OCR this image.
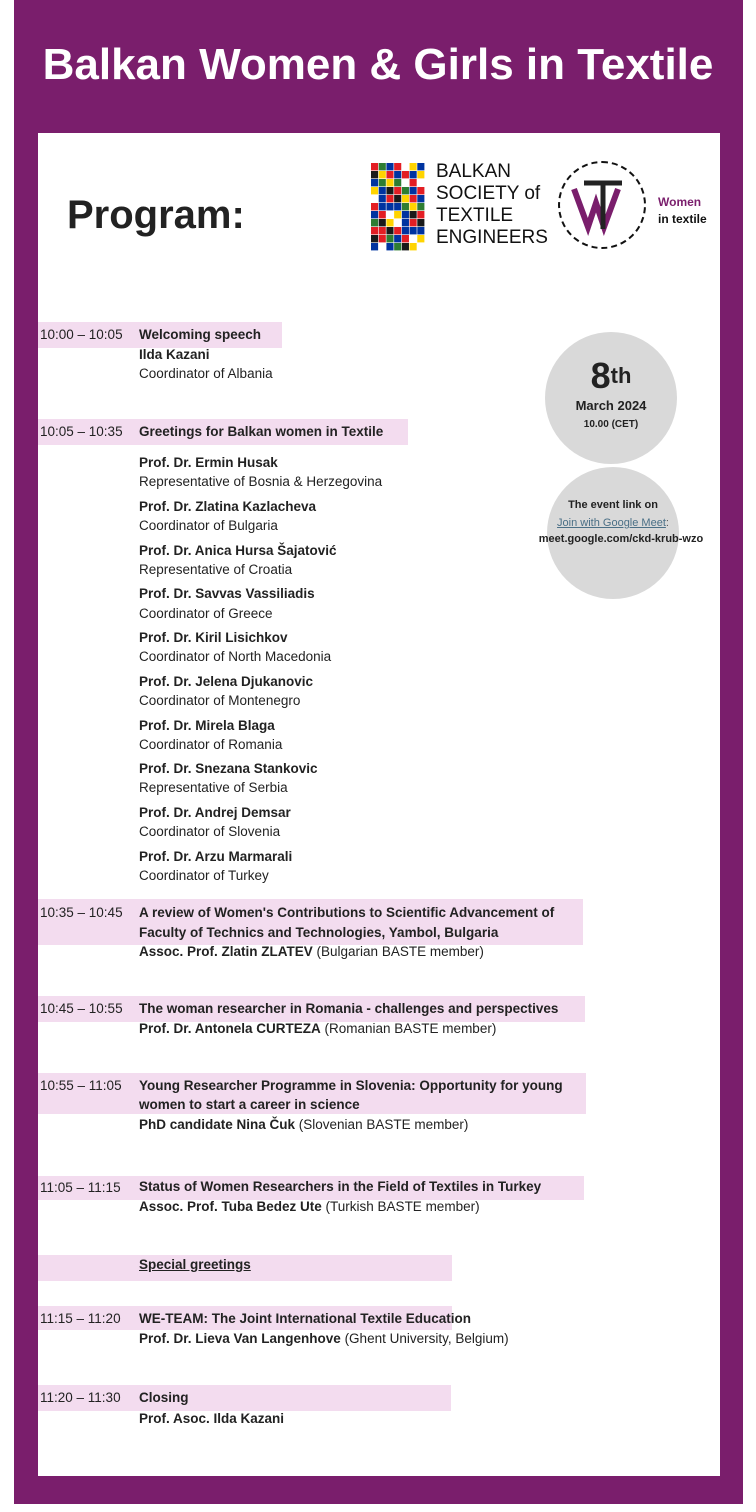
Balkan Women & Girls in Textile
Program:
BALKAN
SOCIETY of
TEXTILE
ENGINEERS
Women
in textile
8th
March 2024
10.00 (CET)
The event link on
Join with Google Meet:
meet.google.com/ckd-krub-wzo
10:00 – 10:05 Welcoming speech
Ilda Kazani
Coordinator of Albania
10:05 – 10:35 Greetings for Balkan women in Textile
Prof. Dr. Ermin Husak
Representative of Bosnia & Herzegovina
Prof. Dr. Zlatina Kazlacheva
Coordinator of Bulgaria
Prof. Dr. Anica Hursa Šajatović
Representative of Croatia
Prof. Dr. Savvas Vassiliadis
Coordinator of Greece
Prof. Dr. Kiril Lisichkov
Coordinator of North Macedonia
Prof. Dr. Jelena Djukanovic
Coordinator of Montenegro
Prof. Dr. Mirela Blaga
Coordinator of Romania
Prof. Dr. Snezana Stankovic
Representative of Serbia
Prof. Dr. Andrej Demsar
Coordinator of Slovenia
Prof. Dr. Arzu Marmarali
Coordinator of Turkey
10:35 – 10:45 A review of Women's Contributions to Scientific Advancement of
Faculty of Technics and Technologies, Yambol, Bulgaria
Assoc. Prof. Zlatin ZLATEV (Bulgarian BASTE member)
10:45 – 10:55 The woman researcher in Romania - challenges and perspectives
Prof. Dr. Antonela CURTEZA (Romanian BASTE member)
10:55 – 11:05 Young Researcher Programme in Slovenia: Opportunity for young
women to start a career in science
PhD candidate Nina Čuk (Slovenian BASTE member)
11:05 – 11:15 Status of Women Researchers in the Field of Textiles in Turkey
Assoc. Prof. Tuba Bedez Ute (Turkish BASTE member)
Special greetings
11:15 – 11:20 WE-TEAM: The Joint International Textile Education
Prof. Dr. Lieva Van Langenhove (Ghent University, Belgium)
11:20 – 11:30 Closing
Prof. Asoc. Ilda Kazani
